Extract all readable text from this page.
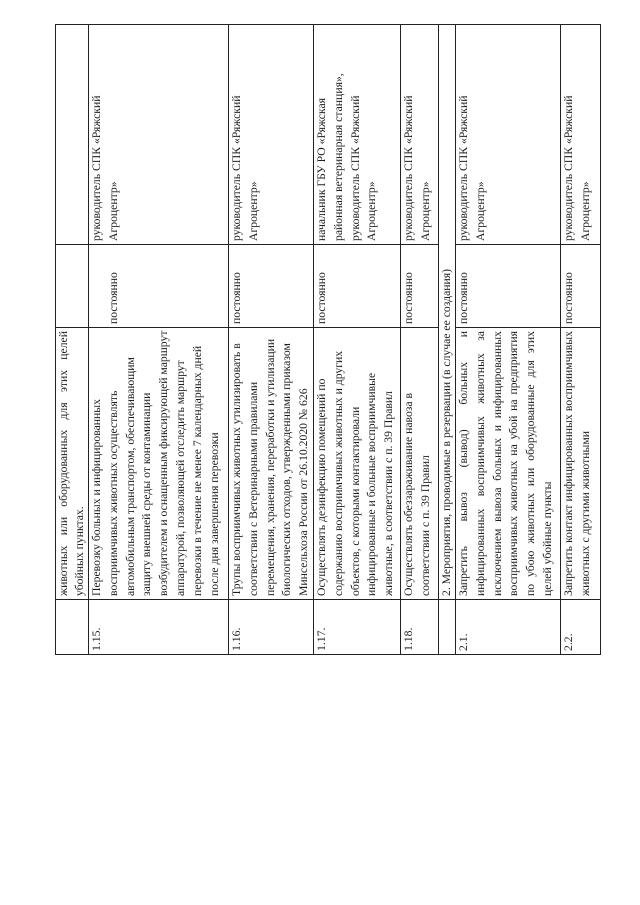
животных или оборудованных для этих целей убойных пунктах.
1.15.
Перевозку больных и инфицированных восприимчивых животных осуществлять автомобильным транспортом, обеспечивающим защиту внешней среды от контаминации возбудителем и оснащенным фиксирующей маршрут аппаратурой, позволяющей отследить маршрут перевозки в течение не менее 7 календарных дней после дня завершения перевозки
постоянно
руководитель СПК «Ряжский Агроцентр»
1.16.
Трупы восприимчивых животных утилизировать в соответствии с Ветеринарными правилами перемещения, хранения, переработки и утилизации биологических отходов, утвержденными приказом Минсельхоза России от 26.10.2020 № 626
постоянно
руководитель СПК «Ряжский Агроцентр»
1.17.
Осуществлять дезинфекцию помещений по содержанию восприимчивых животных и других объектов, с которыми контактировали инфицированные и больные восприимчивые животные, в соответствии с п. 39 Правил
постоянно
начальник ГБУ РО «Ряжская районная ветеринарная станция», руководитель СПК «Ряжский Агроцентр»
1.18.
Осуществлять обеззараживание навоза в соответствии с п. 39 Правил
постоянно
руководитель СПК «Ряжский Агроцентр»
2. Мероприятия, проводимые в резервации (в случае ее создания)
2.1.
Запретить вывоз (вывод) больных и инфицированных восприимчивых животных за исключением вывоза больных и инфицированных восприимчивых животных на убой на предприятия по убою животных или оборудованные для этих целей убойные пункты
постоянно
руководитель СПК «Ряжский Агроцентр»
2.2.
Запретить контакт инфицированных восприимчивых животных с другими животными
постоянно
руководитель СПК «Ряжский Агроцентр»
